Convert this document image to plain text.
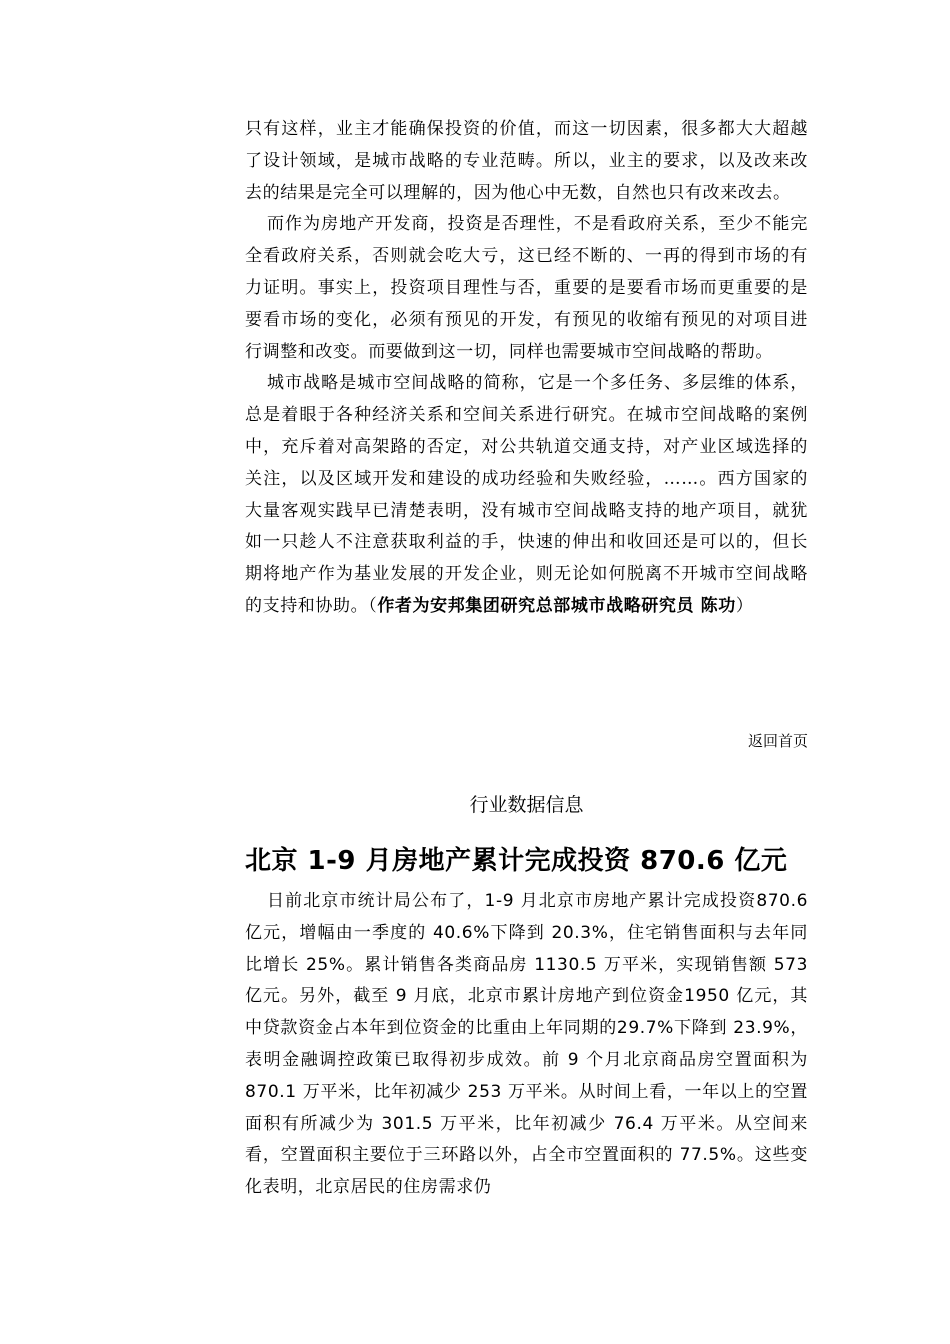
只有这样，业主才能确保投资的价值，而这一切因素，很多都大大超越了设计领域，是城市战略的专业范畴。所以，业主的要求，以及改来改去的结果是完全可以理解的，因为他心中无数，自然也只有改来改去。

而作为房地产开发商，投资是否理性，不是看政府关系，至少不能完全看政府关系，否则就会吃大亏，这已经不断的、一再的得到市场的有力证明。事实上，投资项目理性与否，重要的是要看市场而更重要的是要看市场的变化，必须有预见的开发，有预见的收缩有预见的对项目进行调整和改变。而要做到这一切，同样也需要城市空间战略的帮助。

城市战略是城市空间战略的简称，它是一个多任务、多层维的体系，总是着眼于各种经济关系和空间关系进行研究。在城市空间战略的案例中，充斥着对高架路的否定，对公共轨道交通支持，对产业区域选择的关注，以及区域开发和建设的成功经验和失败经验，……。西方国家的大量客观实践早已清楚表明，没有城市空间战略支持的地产项目，就犹如一只趁人不注意获取利益的手，快速的伸出和收回还是可以的，但长期将地产作为基业发展的开发企业，则无论如何脱离不开城市空间战略的支持和协助。（作者为安邦集团研究总部城市战略研究员 陈功）

返回首页
行业数据信息
北京 1-9 月房地产累计完成投资 870.6 亿元

日前北京市统计局公布了，1-9 月北京市房地产累计完成投资870.6 亿元，增幅由一季度的 40.6%下降到 20.3%，住宅销售面积与去年同比增长 25%。累计销售各类商品房 1130.5 万平米，实现销售额 573 亿元。另外，截至 9 月底，北京市累计房地产到位资金1950 亿元，其中贷款资金占本年到位资金的比重由上年同期的29.7%下降到 23.9%，表明金融调控政策已取得初步成效。前 9 个月北京商品房空置面积为 870.1 万平米，比年初减少 253 万平米。从时间上看，一年以上的空置面积有所减少为 301.5 万平米，比年初减少 76.4 万平米。从空间来看，空置面积主要位于三环路以外，占全市空置面积的 77.5%。这些变化表明，北京居民的住房需求仍
